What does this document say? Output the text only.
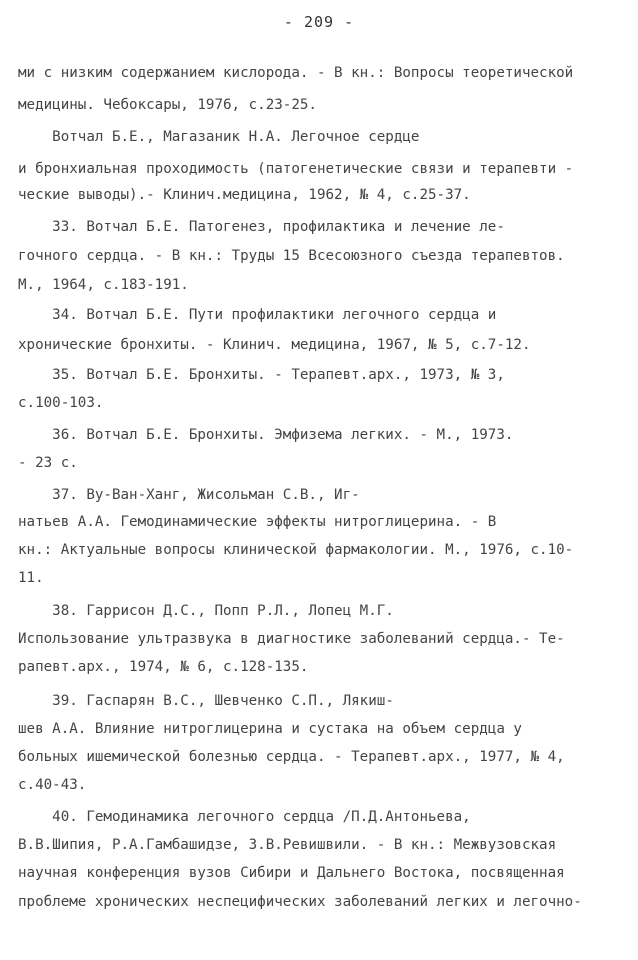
- 209 -
ми с низким содержанием кислорода. - В кн.: Вопросы теоретической
медицины. Чебоксары, 1976, с.23-25.
Вотчал Б.Е., Магазаник Н.А. Легочное сердце
и бронхиальная проходимость (патогенетические связи и терапевти -
ческие выводы).- Клинич.медицина, 1962, № 4, с.25-37.
33. Вотчал Б.Е. Патогенез, профилактика и лечение ле-
гочного сердца. - В кн.: Труды 15 Всесоюзного съезда терапевтов.
М., 1964, с.183-191.
34. Вотчал Б.Е. Пути профилактики легочного сердца и
хронические бронхиты. - Клинич. медицина, 1967, № 5, с.7-12.
35. Вотчал Б.Е. Бронхиты. - Терапевт.арх., 1973, № 3,
с.100-103.
36. Вотчал Б.Е. Бронхиты. Эмфизема легких. - М., 1973.
- 23 с.
37. Ву-Ван-Ханг, Жисольман С.В., Иг-
натьев А.А. Гемодинамические эффекты нитроглицерина. - В
кн.: Актуальные вопросы клинической фармакологии. М., 1976, с.10-
11.
38. Гаррисон Д.С., Попп Р.Л., Лопец М.Г.
Использование ультразвука в диагностике заболеваний сердца.- Те-
рапевт.арх., 1974, № 6, с.128-135.
39. Гаспарян В.С., Шевченко С.П., Лякиш-
шев А.А. Влияние нитроглицерина и сустака на объем сердца у
больных ишемической болезнью сердца. - Терапевт.арх., 1977, № 4,
с.40-43.
40. Гемодинамика легочного сердца /П.Д.Антоньева,
В.В.Шипия, Р.А.Гамбашидзе, З.В.Ревишвили. - В кн.: Межвузовская
научная конференция вузов Сибири и Дальнего Востока, посвященная
проблеме хронических неспецифических заболеваний легких и легочно-
